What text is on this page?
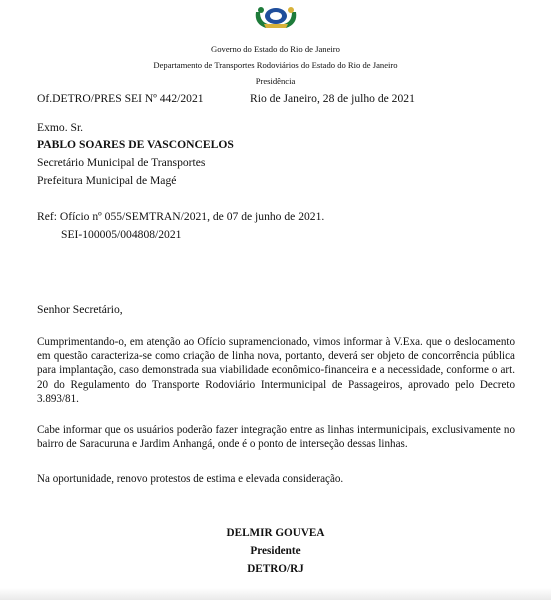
Governo do Estado do Rio de Janeiro
Departamento de Transportes Rodoviários do Estado do Rio de Janeiro
Presidência
Of.DETRO/PRES SEI Nº 442/2021	Rio de Janeiro, 28 de julho de 2021
Exmo. Sr.
PABLO SOARES DE VASCONCELOS
Secretário Municipal de Transportes
Prefeitura Municipal de Magé
Ref: Ofício nº 055/SEMTRAN/2021, de 07 de junho de 2021.
SEI-100005/004808/2021
Senhor Secretário,
Cumprimentando-o, em atenção ao Ofício supramencionado, vimos informar à V.Exa. que o deslocamento em questão caracteriza-se como criação de linha nova, portanto, deverá ser objeto de concorrência pública para implantação, caso demonstrada sua viabilidade econômico-financeira e a necessidade, conforme o art. 20 do Regulamento do Transporte Rodoviário Intermunicipal de Passageiros, aprovado pelo Decreto 3.893/81.
Cabe informar que os usuários poderão fazer integração entre as linhas intermunicipais, exclusivamente no bairro de Saracuruna e Jardim Anhangá, onde é o ponto de interseção dessas linhas.
Na oportunidade, renovo protestos de estima e elevada consideração.
DELMIR GOUVEA
Presidente
DETRO/RJ
